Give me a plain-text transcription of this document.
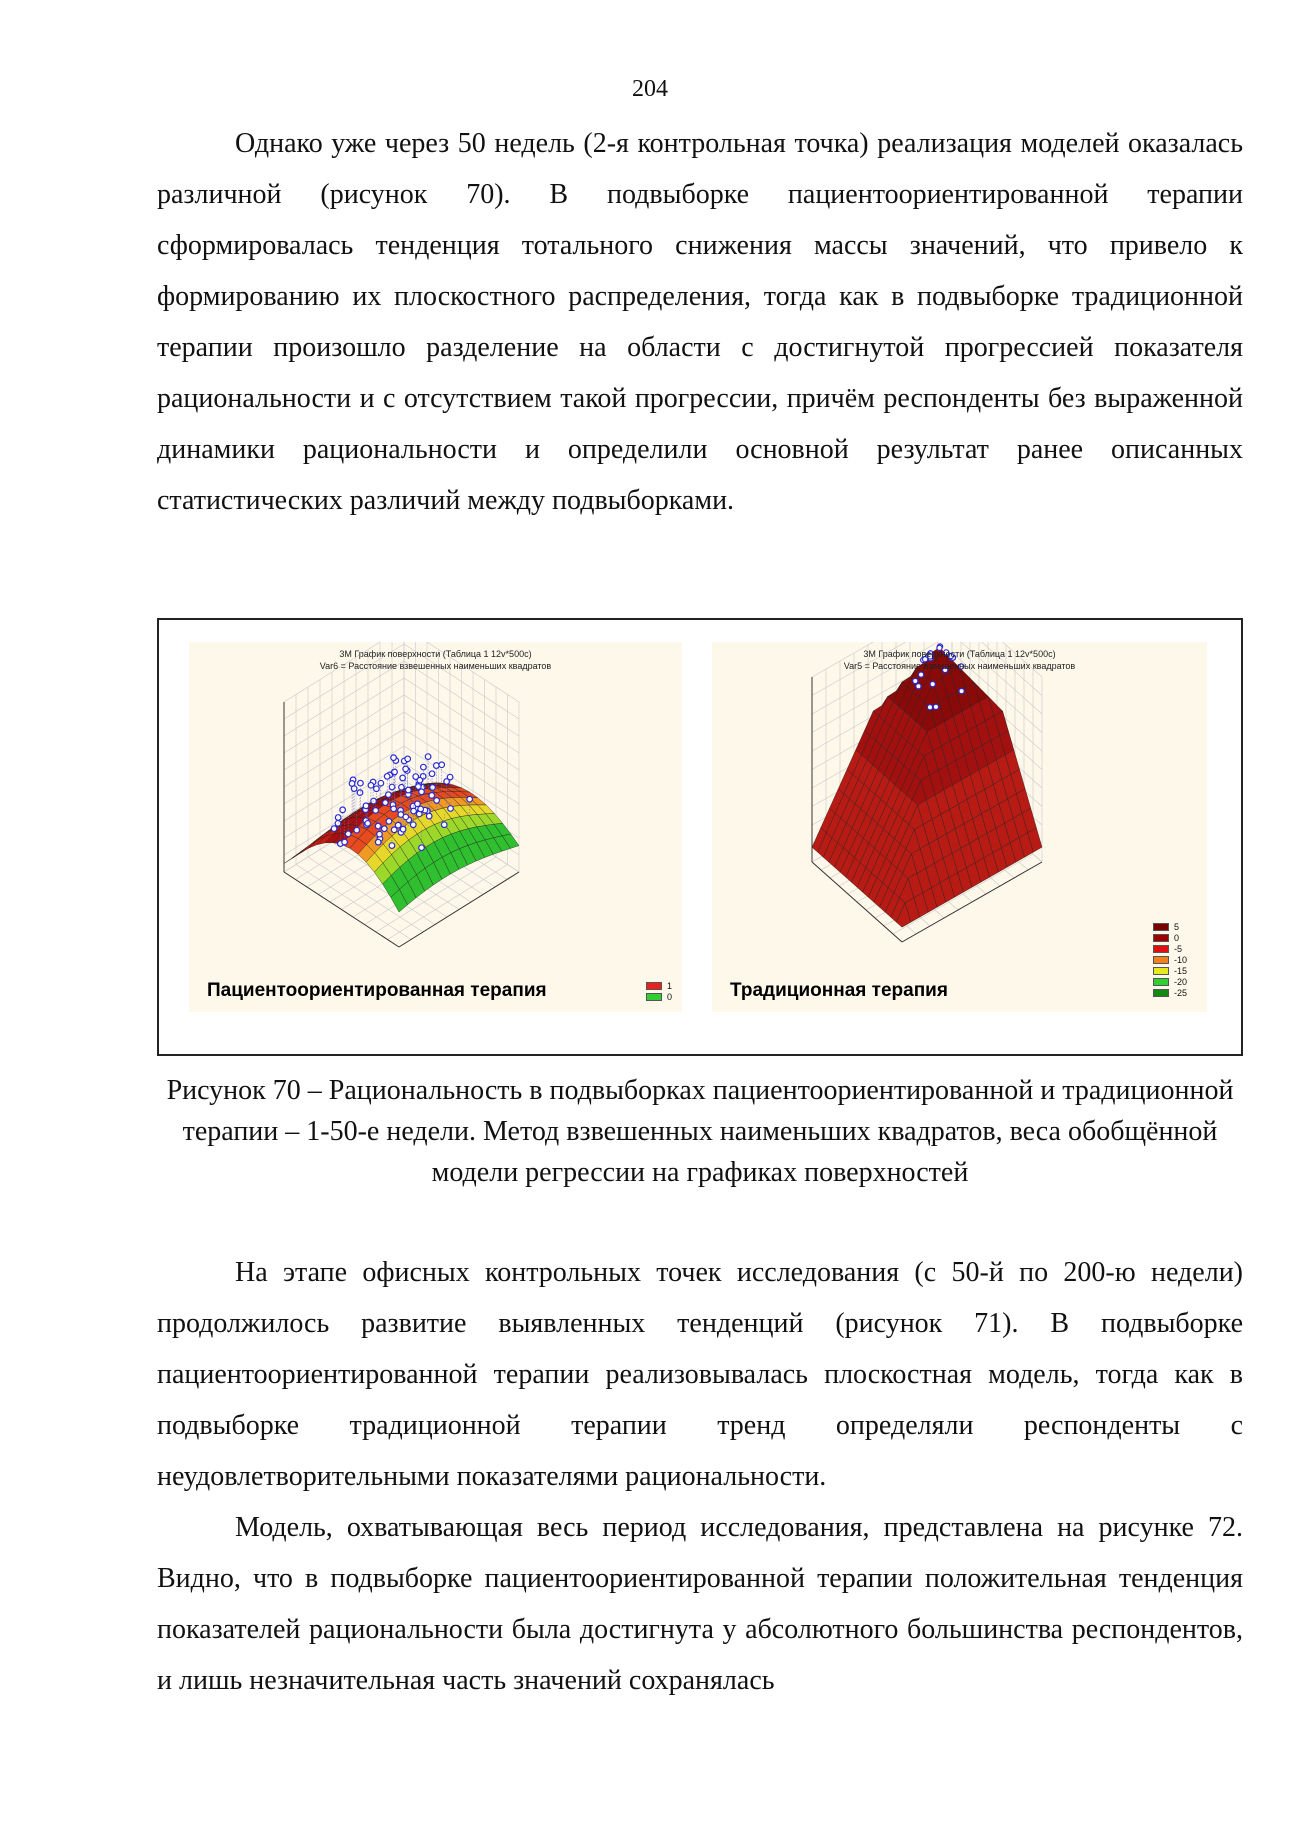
204

Однако уже через 50 недель (2-я контрольная точка) реализация моделей оказалась различной (рисунок 70). В подвыборке пациентоориентированной терапии сформировалась тенденция тотального снижения массы значений, что привело к формированию их плоскостного распределения, тогда как в подвыборке традиционной терапии произошло разделение на области с достигнутой прогрессией показателя рациональности и с отсутствием такой прогрессии, причём респонденты без выраженной динамики рациональности и определили основной результат ранее описанных статистических различий между подвыборками.

3М График поверхности (Таблица 1 12v*500c)
Var6 = Расстояние взвешенных наименьших квадратов
Пациентоориентированная терапия	1
0
3М График поверхности (Таблица 1 12v*500c)
Var5 = Расстояние взвешенных наименьших квадратов
Традиционная терапия
5
0
-5
-10
-15
-20
-25

Рисунок 70 – Рациональность в подвыборках пациентоориентированной и традиционной терапии – 1-50-е недели. Метод взвешенных наименьших квадратов, веса обобщённой модели регрессии на графиках поверхностей

На этапе офисных контрольных точек исследования (с 50-й по 200-ю недели) продолжилось развитие выявленных тенденций (рисунок 71). В подвыборке пациентоориентированной терапии реализовывалась плоскостная модель, тогда как в подвыборке традиционной терапии тренд определяли респонденты с неудовлетворительными показателями рациональности.

Модель, охватывающая весь период исследования, представлена на рисунке 72. Видно, что в подвыборке пациентоориентированной терапии положительная тенденция показателей рациональности была достигнута у абсолютного большинства респондентов, и лишь незначительная часть значений сохранялась
